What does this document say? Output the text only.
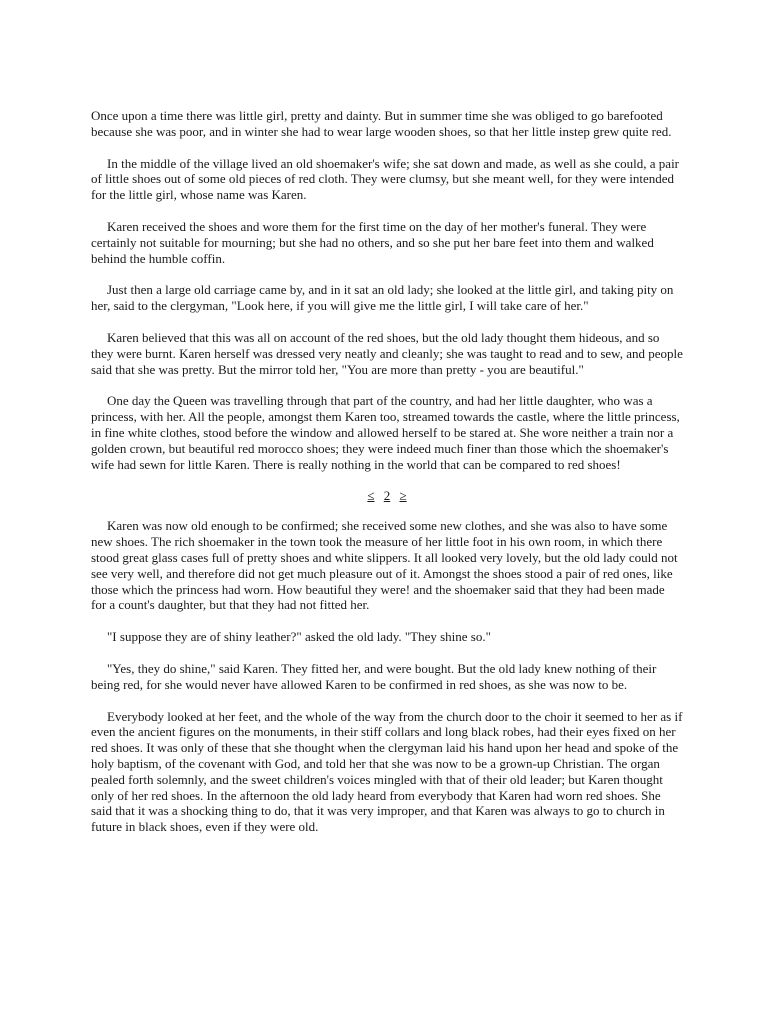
Once upon a time there was little girl, pretty and dainty. But in summer time she was obliged to go barefooted because she was poor, and in winter she had to wear large wooden shoes, so that her little instep grew quite red.

In the middle of the village lived an old shoemaker's wife; she sat down and made, as well as she could, a pair of little shoes out of some old pieces of red cloth. They were clumsy, but she meant well, for they were intended for the little girl, whose name was Karen.

Karen received the shoes and wore them for the first time on the day of her mother's funeral. They were certainly not suitable for mourning; but she had no others, and so she put her bare feet into them and walked behind the humble coffin.

Just then a large old carriage came by, and in it sat an old lady; she looked at the little girl, and taking pity on her, said to the clergyman, "Look here, if you will give me the little girl, I will take care of her."

Karen believed that this was all on account of the red shoes, but the old lady thought them hideous, and so they were burnt. Karen herself was dressed very neatly and cleanly; she was taught to read and to sew, and people said that she was pretty. But the mirror told her, "You are more than pretty - you are beautiful."

One day the Queen was travelling through that part of the country, and had her little daughter, who was a princess, with her. All the people, amongst them Karen too, streamed towards the castle, where the little princess, in fine white clothes, stood before the window and allowed herself to be stared at. She wore neither a train nor a golden crown, but beautiful red morocco shoes; they were indeed much finer than those which the shoemaker's wife had sewn for little Karen. There is really nothing in the world that can be compared to red shoes!

≤ 2 ≥

Karen was now old enough to be confirmed; she received some new clothes, and she was also to have some new shoes. The rich shoemaker in the town took the measure of her little foot in his own room, in which there stood great glass cases full of pretty shoes and white slippers. It all looked very lovely, but the old lady could not see very well, and therefore did not get much pleasure out of it. Amongst the shoes stood a pair of red ones, like those which the princess had worn. How beautiful they were! and the shoemaker said that they had been made for a count's daughter, but that they had not fitted her.

"I suppose they are of shiny leather?" asked the old lady. "They shine so."

"Yes, they do shine," said Karen. They fitted her, and were bought. But the old lady knew nothing of their being red, for she would never have allowed Karen to be confirmed in red shoes, as she was now to be.

Everybody looked at her feet, and the whole of the way from the church door to the choir it seemed to her as if even the ancient figures on the monuments, in their stiff collars and long black robes, had their eyes fixed on her red shoes. It was only of these that she thought when the clergyman laid his hand upon her head and spoke of the holy baptism, of the covenant with God, and told her that she was now to be a grown-up Christian. The organ pealed forth solemnly, and the sweet children's voices mingled with that of their old leader; but Karen thought only of her red shoes. In the afternoon the old lady heard from everybody that Karen had worn red shoes. She said that it was a shocking thing to do, that it was very improper, and that Karen was always to go to church in future in black shoes, even if they were old.
